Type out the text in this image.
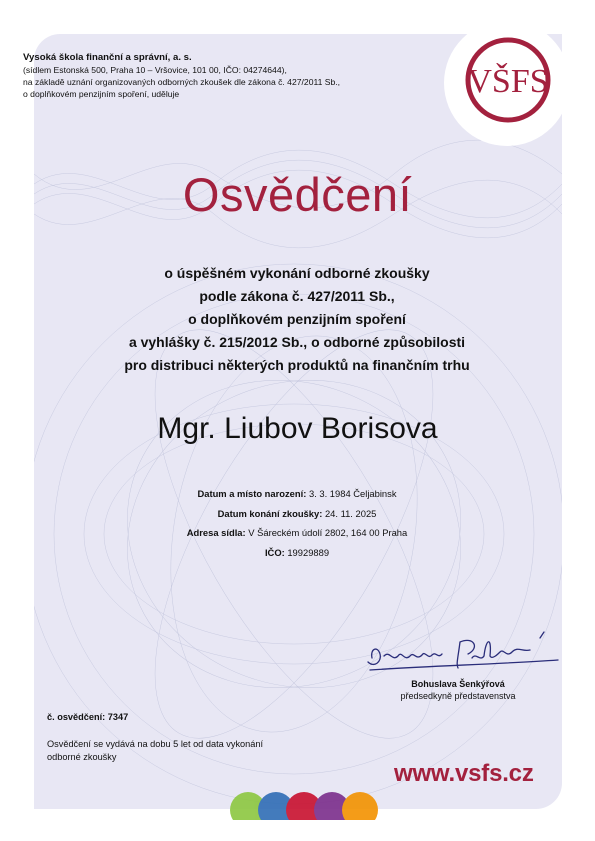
VŠFS
Vysoká škola finanční a správní, a. s.
(sídlem Estonská 500, Praha 10 – Vršovice, 101 00, IČO: 04274644),
na základě uznání organizovaných odborných zkoušek dle zákona č. 427/2011 Sb.,
o doplňkovém penzijním spoření, uděluje
Osvědčení
o úspěšném vykonání odborné zkoušky
podle zákona č. 427/2011 Sb.,
o doplňkovém penzijním spoření
a vyhlášky č. 215/2012 Sb., o odborné způsobilosti
pro distribuci některých produktů na finančním trhu
Mgr. Liubov Borisova
Datum a místo narození: 3. 3. 1984 Čeljabinsk
Datum konání zkoušky: 24. 11. 2025
Adresa sídla: V Šáreckém údolí 2802, 164 00 Praha
IČO: 19929889
Bohuslava Šenkýřová
předsedkyně představenstva
č. osvědčení: 7347
Osvědčení se vydává na dobu 5 let od data vykonání
odborné zkoušky
www.vsfs.cz
